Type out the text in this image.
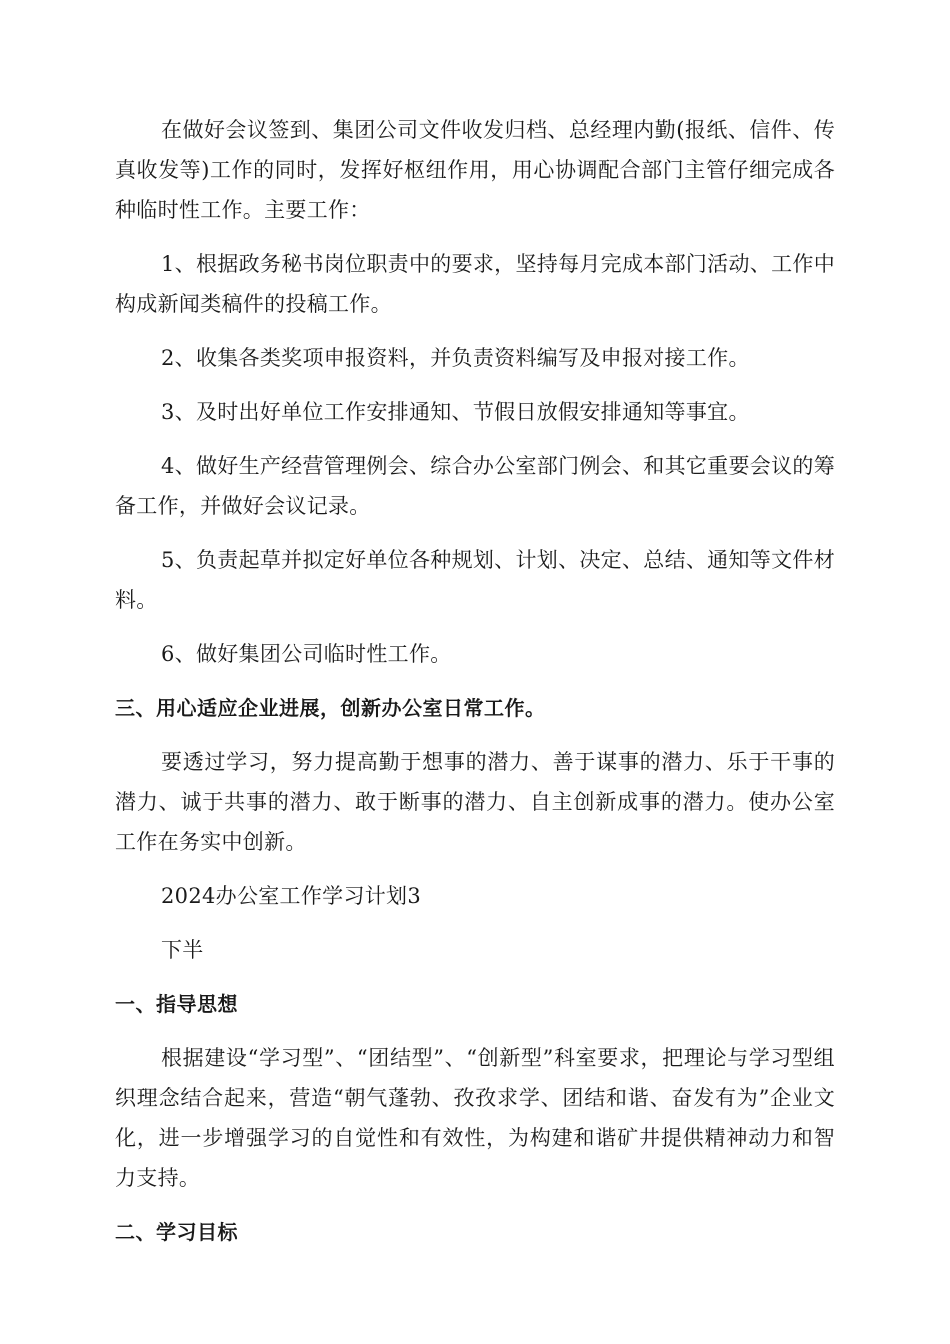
在做好会议签到、集团公司文件收发归档、总经理内勤(报纸、信件、传真收发等)工作的同时，发挥好枢纽作用，用心协调配合部门主管仔细完成各种临时性工作。主要工作：

1、根据政务秘书岗位职责中的要求，坚持每月完成本部门活动、工作中构成新闻类稿件的投稿工作。

2、收集各类奖项申报资料，并负责资料编写及申报对接工作。

3、及时出好单位工作安排通知、节假日放假安排通知等事宜。

4、做好生产经营管理例会、综合办公室部门例会、和其它重要会议的筹备工作，并做好会议记录。

5、负责起草并拟定好单位各种规划、计划、决定、总结、通知等文件材料。

6、做好集团公司临时性工作。

三、用心适应企业进展，创新办公室日常工作。

要透过学习，努力提高勤于想事的潜力、善于谋事的潜力、乐于干事的潜力、诚于共事的潜力、敢于断事的潜力、自主创新成事的潜力。使办公室工作在务实中创新。

2024办公室工作学习计划3

下半

一、指导思想

根据建设“学习型”、“团结型”、“创新型”科室要求，把理论与学习型组织理念结合起来，营造“朝气蓬勃、孜孜求学、团结和谐、奋发有为”企业文化，进一步增强学习的自觉性和有效性，为构建和谐矿井提供精神动力和智力支持。

二、学习目标
